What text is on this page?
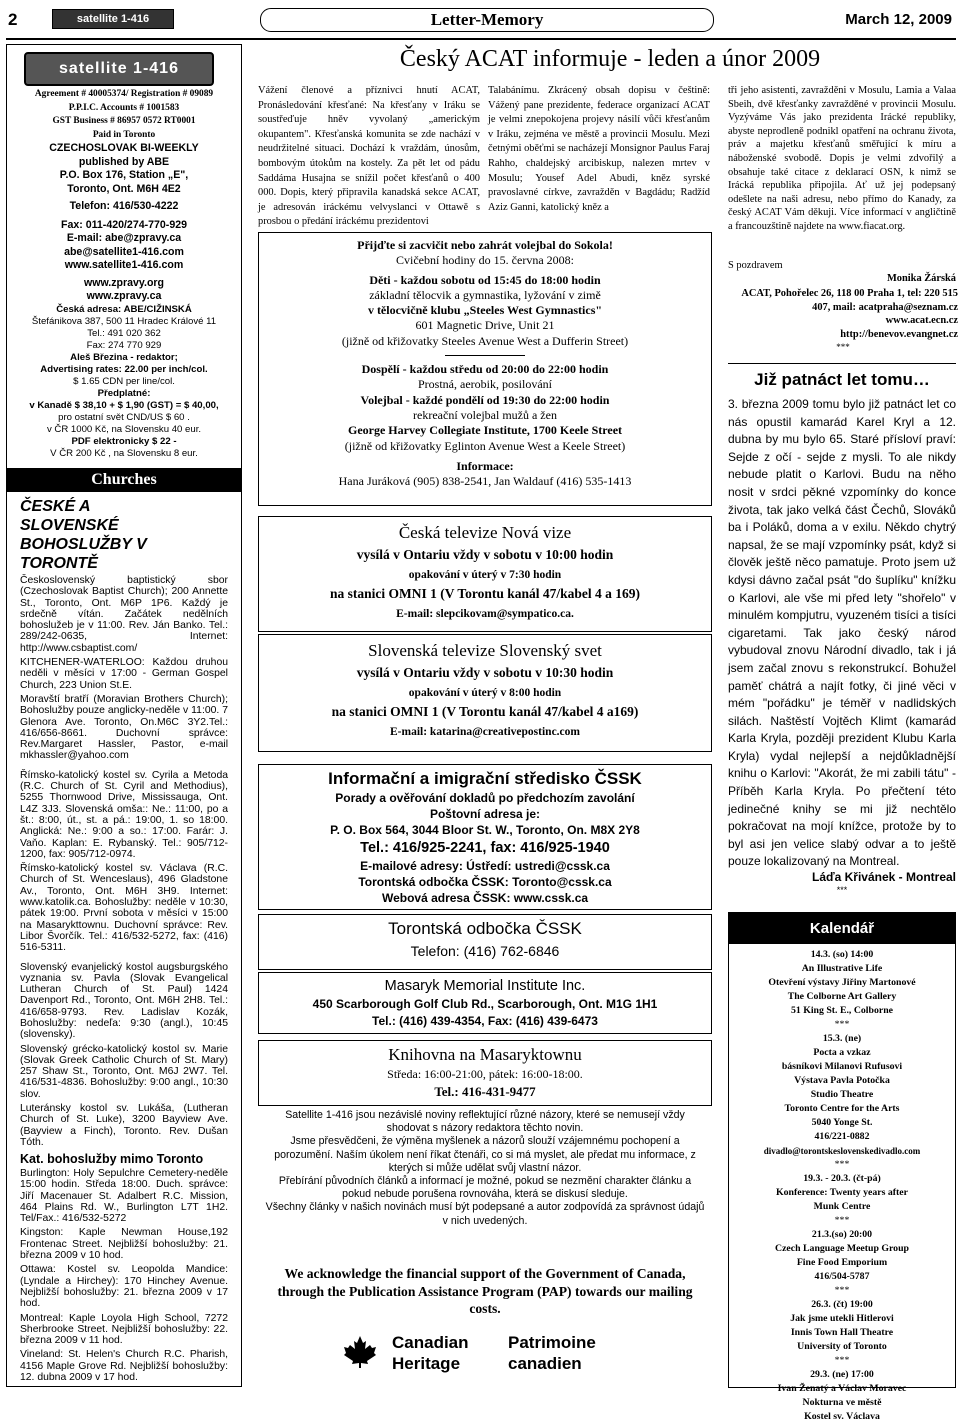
2	satellite 1-416	Letter-Memory	March 12, 2009
satellite 1-416
Agreement # 40005374/ Registration # 09089
P.P.I.C. Accounts # 1001583
GST Business # 86957 0572 RT0001
Paid in Toronto
CZECHOSLOVAK BI-WEEKLY
published by ABE
P.O. Box 176, Station „E",
Toronto, Ont. M6H 4E2
Telefon: 416/530-4222
Fax: 011-420/274-770-929
E-mail: abe@zpravy.ca
abe@satellite1-416.com
www.satellite1-416.com
www.zpravy.org
www.zpravy.ca
Česká adresa: ABE/CIŽINSKÁ
Štefánikova 387, 500 11 Hradec Králové 11
Tel.: 491 020 362
Fax: 274 770 929
Aleš Březina - redaktor;
Advertising rates: 22.00 per inch/col.
$ 1.65 CDN per line/col.
Předplatné:
v Kanadě $ 38,10 + $ 1,90 (GST) = $ 40,00,
pro ostatní svět CND/US $ 60 .
v ČR 1000 Kč, na Slovensku 40 eur.
PDF elektronicky $ 22 -
V ČR 200 Kč , na Slovensku 8 eur.
Churches
ČESKÉ A SLOVENSKÉ BOHOSLUŽBY V TORONTĚ

Československý baptistický sbor (Czechoslovak Baptist Church); 200 Annette St., Toronto, Ont. M6P 1P6. Každý je srdečně vítán. Začátek nedělních bohoslužeb je v 11:00. Rev. Ján Banko. Tel.: 289/242-0635, Internet: http://www.csbaptist.com/

KITCHENER-WATERLOO: Každou druhou neděli v měsíci v 17:00 - German Gospel Church, 223 Union St.E.

Moravští bratří (Moravian Brothers Church); Bohoslužby pouze anglicky-neděle v 11:00. 7 Glenora Ave. Toronto, On.M6C 3Y2.Tel.: 416/656-8661. Duchovní správce: Rev.Margaret Hassler, Pastor, e-mail mkhassler@yahoo.com

Římsko-katolický kostel sv. Cyrila a Metoda (R.C. Church of St. Cyril and Methodius), 5255 Thornwood Drive, Mississauga, Ont. L4Z 3J3. Slovenská omša:: Ne.: 11:00, po a št.: 8:00, út., st. a pá.: 19:00, 1. so 18:00. Anglická: Ne.: 9:00 a so.: 17:00. Farár: J. Vaňo. Kaplan: E. Rybanský. Tel.: 905/712-1200, fax: 905/712-0974.

Římsko-katolický kostel sv. Václava (R.C. Church of St. Wenceslaus), 496 Gladstone Av., Toronto, Ont. M6H 3H9. Internet: www.katolik.ca. Bohoslužby: neděle v 10:30, pátek 19:00. První sobota v měsíci v 15:00 na Masarykttownu. Duchovní správce: Rev. Libor Švorčík. Tel.: 416/532-5272, fax: (416) 516-5311.

Slovenský evanjelický kostol augsburgského vyznania sv. Pavla (Slovak Evangelical Lutheran Church of St. Paul) 1424 Davenport Rd., Toronto, Ont. M6H 2H8. Tel.: 416/658-9793. Rev. Ladislav Kozák, Bohoslužby: nedeľa: 9:30 (angl.), 10:45 (slovensky).

Slovenský grécko-katolický kostol sv. Marie (Slovak Greek Catholic Church of St. Mary) 257 Shaw St., Toronto, Ont. M6J 2W7. Tel. 416/531-4836. Bohoslužby: 9:00 angl., 10:30 slov.

Luteránsky kostol sv. Lukáša, (Lutheran Church of St. Luke), 3200 Bayview Ave. (Bayview a Finch), Toronto. Rev. Dušan Tóth.

Kat. bohoslužby mimo Toronto

Burlington: Holy Sepulchre Cemetery-neděle 15:00 hodin. Středa 18:00. Duch. správce: Jiří Macenauer St. Adalbert R.C. Mission, 464 Plains Rd. W., Burlington L7T 1H2. Tel/Fax.: 416/532-5272

Kingston: Kaple Newman House,192 Frontenac Street. Nejbližší bohoslužby: 21. března 2009 v 10 hod.

Ottawa: Kostel sv. Leopolda Mandice: (Lyndale a Hirchey): 170 Hinchey Avenue. Nejbližší bohoslužby: 21. března 2009 v 17 hod.

Montreal: Kaple Loyola High School, 7272 Sherbrooke Street. Nejbližší bohoslužby: 22. března 2009 v 11 hod.

Vineland: St. Helen's Church R.C. Pharish, 4156 Maple Grove Rd. Nejbližší bohoslužby: 12. dubna 2009 v 17 hod.

Český ACAT informuje - leden a únor 2009
Vážení členové a příznivci hnutí ACAT, Pronásledování křesťané: Na křesťany v Iráku se soustřeďuje hněv vyvolaný „americkým okupantem". Křesťanská komunita se zde nachází v neudržitelné situaci. Dochází k vraždám, únosům, bombovým útokům na kostely. Za pět let od pádu Saddáma Husajna se snížil počet křesťanů o 400 000. Dopis, který připravila kanadská sekce ACAT, je adresován iráckému velvyslanci v Ottawě s prosbou o předání iráckému prezidentovi
Talabánímu. Zkrácený obsah dopisu v češtině: Vážený pane prezidente, federace organizací ACAT je velmi znepokojena projevy násilí vůči křesťanům v Iráku, zejména ve městě a provincii Mosulu. Mezi četnými oběťmi se nacházejí Monsignor Paulus Faraj Rahho, chaldejský arcibiskup, nalezen mrtev v Mosulu; Yousef Adel Abudi, kněz syrské pravoslavné církve, zavražděn v Bagdádu; Radžíd Aziz Ganni, katolický kněz a
tři jeho asistenti, zavražděni v Mosulu, Lamia a Valaa Sbeih, dvě křesťanky zavražděné v provincii Mosulu. Vyzýváme Vás jako prezidenta Irácké republiky, abyste neprodleně podnikl opatření na ochranu života, práv a majetku křesťanů směřující k míru a náboženské svobodě. Dopis je velmi zdvořilý a obsahuje také citace z deklarací OSN, k nimž se Irácká republika připojila. Ať už jej podepsaný odešlete na naši adresu, nebo přímo do Kanady, za český ACAT Vám děkuji. Více informací v angličtině a francouzštině najdete na www.fiacat.org.
S pozdravem
Monika Žárská
ACAT, Pohořelec 26, 118 00 Praha 1, tel: 220 515 407, mail: acatpraha@seznam.cz
www.acat.ecn.cz
http://benevov.evangnet.cz
***
Přijďte si zacvičit nebo zahrát volejbal do Sokola!
Cvičební hodiny do 15. června 2008:
Děti - každou sobotu od 15:45 do 18:00 hodin
základní tělocvik a gymnastika, lyžování v zimě
v tělocvičně klubu „Steeles West Gymnastics"
601 Magnetic Drive, Unit 21
(jižně od křižovatky Steeles Avenue West a Dufferin Street)
Dospělí - každou středu od 20:00 do 22:00 hodin
Prostná, aerobik, posilování
Volejbal - každé pondělí od 19:30 do 22:00 hodin
rekreační volejbal mužů a žen
George Harvey Collegiate Institute, 1700 Keele Street
(jižně od křižovatky Eglinton Avenue West a Keele Street)
Informace:
Hana Juráková (905) 838-2541, Jan Waldauf (416) 535-1413
Česká televize Nová vize
vysílá v Ontariu vždy v sobotu v 10:00 hodin
opakování v úterý v 7:30 hodin
na stanici OMNI 1 (V Torontu kanál 47/kabel 4 a 169)
E-mail: slepcikovam@sympatico.ca.
Slovenská televize Slovenský svet
vysílá v Ontariu vždy v sobotu v 10:30 hodin
opakování v úterý v 8:00 hodin
na stanici OMNI 1 (V Torontu kanál 47/kabel 4 a169)
E-mail: katarina@creativepostinc.com
Informační a imigrační středisko ČSSK
Porady a ověřování dokladů po předchozím zavolání
Poštovní adresa je:
P. O. Box 564, 3044 Bloor St. W., Toronto, On. M8X 2Y8
Tel.: 416/925-2241, fax: 416/925-1940
E-mailové adresy: Ústředí: ustredi@cssk.ca
Torontská odbočka ČSSK: Toronto@cssk.ca
Webová adresa ČSSK: www.cssk.ca
Torontská odbočka ČSSK
Telefon: (416) 762-6846
Masaryk Memorial Institute Inc.
450 Scarborough Golf Club Rd., Scarborough, Ont. M1G 1H1
Tel.: (416) 439-4354, Fax: (416) 439-6473
Knihovna na Masaryktownu
Středa: 16:00-21:00, pátek: 16:00-18:00.
Tel.: 416-431-9477
Satellite 1-416 jsou nezávislé noviny reflektující různé názory, které se nemusejí vždy shodovat s názory redaktora těchto novin.
Jsme přesvědčeni, že výměna myšlenek a názorů slouží vzájemnému pochopení a porozumění. Naším úkolem není říkat čtenáři, co si má myslet, ale předat mu informace, z kterých si může udělat svůj vlastní názor.
Přebírání původních článků a informací je možné, pokud se nezmění charakter článku a pokud nebude porušena rovnováha, která se diskusí sleduje.
Všechny články v našich novinách musí být podepsané a autor zodpovídá za správnost údajů v nich uvedených.
We acknowledge the financial support of the Government of Canada, through the Publication Assistance Program (PAP) towards our mailing costs.
Canadian
Heritage
Patrimoine
canadien
Již patnáct let tomu…
3. března 2009 tomu bylo již patnáct let co nás opustil kamarád Karel Kryl a 12. dubna by mu bylo 65. Staré přísloví praví: Sejde z očí - sejde z mysli. To ale nikdy nebude platit o Karlovi. Budu na něho nosit v srdci pěkné vzpomínky do konce života, tak jako velká část Čechů, Slováků ba i Poláků, doma a v exilu. Někdo chytrý napsal, že se mají vzpomínky psát, když si člověk ještě něco pamatuje. Proto jsem už kdysi dávno začal psát "do šuplíku" knížku o Karlovi, ale vše mi před lety "shořelo" v minulém kompjutru, vyuzeném tisíci a tisíci cigaretami. Tak jako český národ vybudoval znovu Národní divadlo, tak i já jsem začal znovu s rekonstrukcí. Bohužel paměť chátrá a najít fotky, či jiné věci v mém "pořádku" je téměř v nadlidských silách. Naštěstí Vojtěch Klimt (kamarád Karla Kryla, později prezident Klubu Karla Kryla) vydal nejlepší a nejdůkladnější knihu o Karlovi: "Akorát, že mi zabili tátu" - Příběh Karla Kryla. Po přečtení této jedinečné knihy se mi již nechtělo pokračovat na mojí knížce, protože by to byl asi jen velice slabý odvar a to ještě pouze lokalizovaný na Montreal.
Láďa Křivánek - Montreal
***
Kalendář
14.3. (so) 14:00
An Illustrative Life
Otevření výstavy Jiřiny Martonové
The Colborne Art Gallery
51 King St. E., Colborne
***
15.3. (ne)
Pocta a vzkaz
básníkovi Milanovi Rufusovi
Výstava Pavla Potočka
Studio Theatre
Toronto Centre for the Arts
5040 Yonge St.
416/221-0882
divadlo@torontskeslovenskedivadlo.com
***
19.3. - 20.3. (čt-pá)
Konference: Twenty years after
Munk Centre
***
21.3.(so) 20:00
Czech Language Meetup Group
Fine Food Emporium
416/504-5787
***
26.3. (čt) 19:00
Jak jsme utekli Hitlerovi
Innis Town Hall Theatre
University of Toronto
***
29.3. (ne) 17:00
Ivan Ženatý a Václav Moravec
Nokturna ve městě
Kostel sv. Václava
